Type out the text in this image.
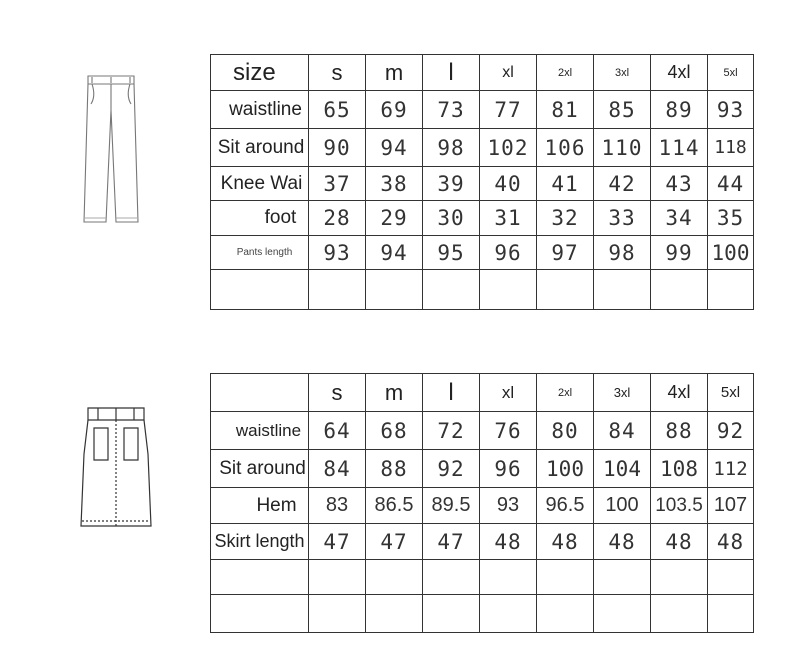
size	s	m	l	xl	2xl	3xl	4xl	5xl
waistline	65	69	73	77	81	85	89	93
Sit around	90	94	98	102	106	110	114	118
Knee Wai	37	38	39	40	41	42	43	44
foot	28	29	30	31	32	33	34	35
Pants length	93	94	95	96	97	98	99	100

	s	m	l	xl	2xl	3xl	4xl	5xl
waistline	64	68	72	76	80	84	88	92
Sit around	84	88	92	96	100	104	108	112
Hem	83	86.5	89.5	93	96.5	100	103.5	107
Skirt length	47	47	47	48	48	48	48	48
